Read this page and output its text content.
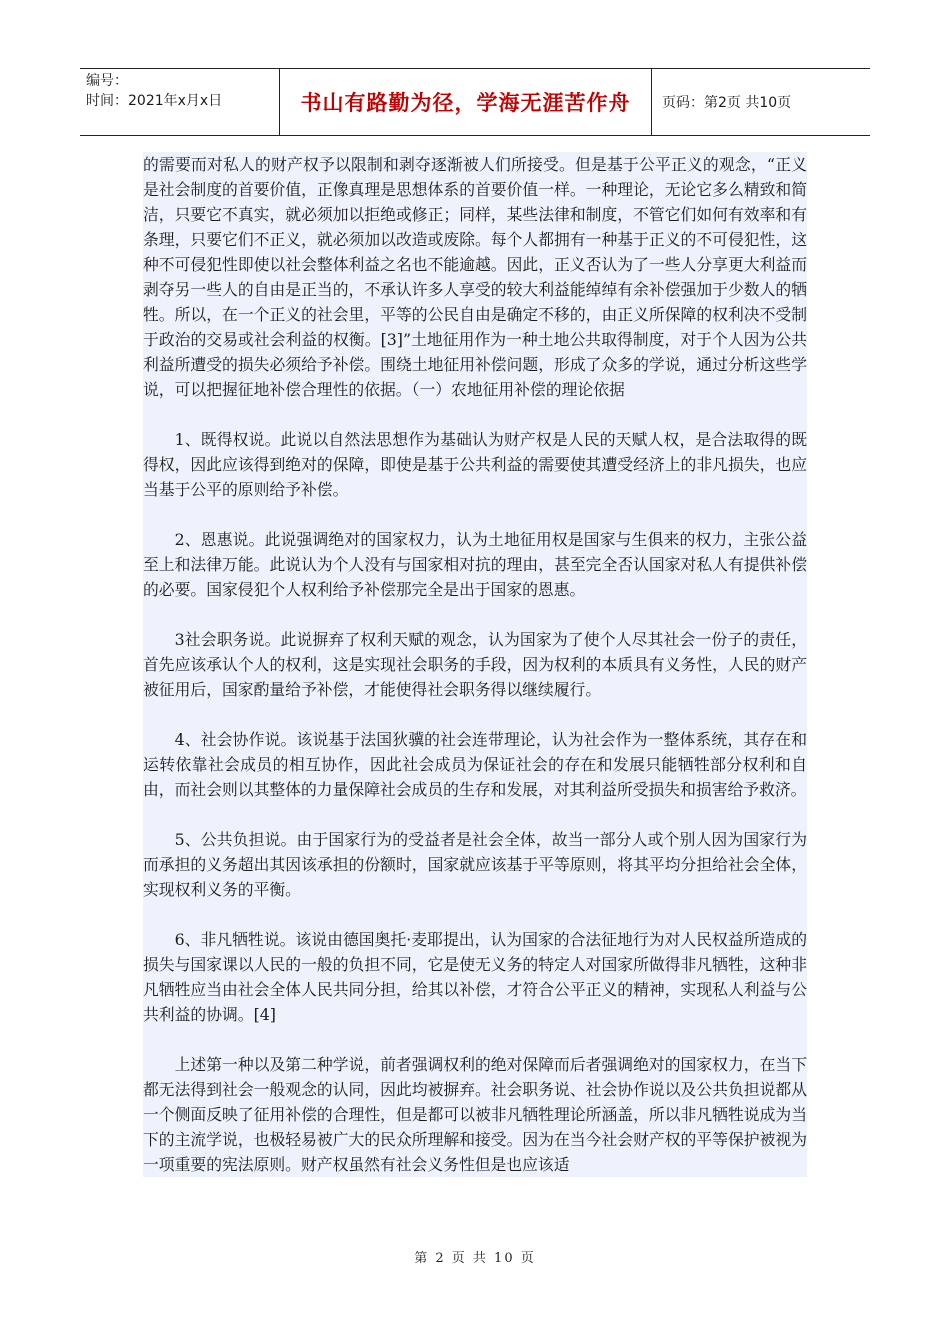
编号：
时间：2021年x月x日	书山有路勤为径，学海无涯苦作舟	页码：第2页 共10页

的需要而对私人的财产权予以限制和剥夺逐渐被人们所接受。但是基于公平正义的观念，“正义是社会制度的首要价值，正像真理是思想体系的首要价值一样。一种理论，无论它多么精致和简洁，只要它不真实，就必须加以拒绝或修正；同样，某些法律和制度，不管它们如何有效率和有条理，只要它们不正义，就必须加以改造或废除。每个人都拥有一种基于正义的不可侵犯性，这种不可侵犯性即使以社会整体利益之名也不能逾越。因此，正义否认为了一些人分享更大利益而剥夺另一些人的自由是正当的，不承认许多人享受的较大利益能绰绰有余补偿强加于少数人的牺牲。所以，在一个正义的社会里，平等的公民自由是确定不移的，由正义所保障的权利决不受制于政治的交易或社会利益的权衡。[3]”土地征用作为一种土地公共取得制度，对于个人因为公共利益所遭受的损失必须给予补偿。围绕土地征用补偿问题，形成了众多的学说，通过分析这些学说，可以把握征地补偿合理性的依据。（一）农地征用补偿的理论依据

1、既得权说。此说以自然法思想作为基础认为财产权是人民的天赋人权，是合法取得的既得权，因此应该得到绝对的保障，即使是基于公共利益的需要使其遭受经济上的非凡损失，也应当基于公平的原则给予补偿。

2、恩惠说。此说强调绝对的国家权力，认为土地征用权是国家与生俱来的权力，主张公益至上和法律万能。此说认为个人没有与国家相对抗的理由，甚至完全否认国家对私人有提供补偿的必要。国家侵犯个人权利给予补偿那完全是出于国家的恩惠。

3社会职务说。此说摒弃了权利天赋的观念，认为国家为了使个人尽其社会一份子的责任，首先应该承认个人的权利，这是实现社会职务的手段，因为权利的本质具有义务性，人民的财产被征用后，国家酌量给予补偿，才能使得社会职务得以继续履行。

4、社会协作说。该说基于法国狄骥的社会连带理论，认为社会作为一整体系统，其存在和运转依靠社会成员的相互协作，因此社会成员为保证社会的存在和发展只能牺牲部分权利和自由，而社会则以其整体的力量保障社会成员的生存和发展，对其利益所受损失和损害给予救济。

5、公共负担说。由于国家行为的受益者是社会全体，故当一部分人或个别人因为国家行为而承担的义务超出其因该承担的份额时，国家就应该基于平等原则，将其平均分担给社会全体，实现权利义务的平衡。

6、非凡牺牲说。该说由德国奥托·麦耶提出，认为国家的合法征地行为对人民权益所造成的损失与国家课以人民的一般的负担不同，它是使无义务的特定人对国家所做得非凡牺牲，这种非凡牺牲应当由社会全体人民共同分担，给其以补偿，才符合公平正义的精神，实现私人利益与公共利益的协调。[4]

上述第一种以及第二种学说，前者强调权利的绝对保障而后者强调绝对的国家权力，在当下都无法得到社会一般观念的认同，因此均被摒弃。社会职务说、社会协作说以及公共负担说都从一个侧面反映了征用补偿的合理性，但是都可以被非凡牺牲理论所涵盖，所以非凡牺牲说成为当下的主流学说，也极轻易被广大的民众所理解和接受。因为在当今社会财产权的平等保护被视为一项重要的宪法原则。财产权虽然有社会义务性但是也应该适

第 2 页 共 10 页
